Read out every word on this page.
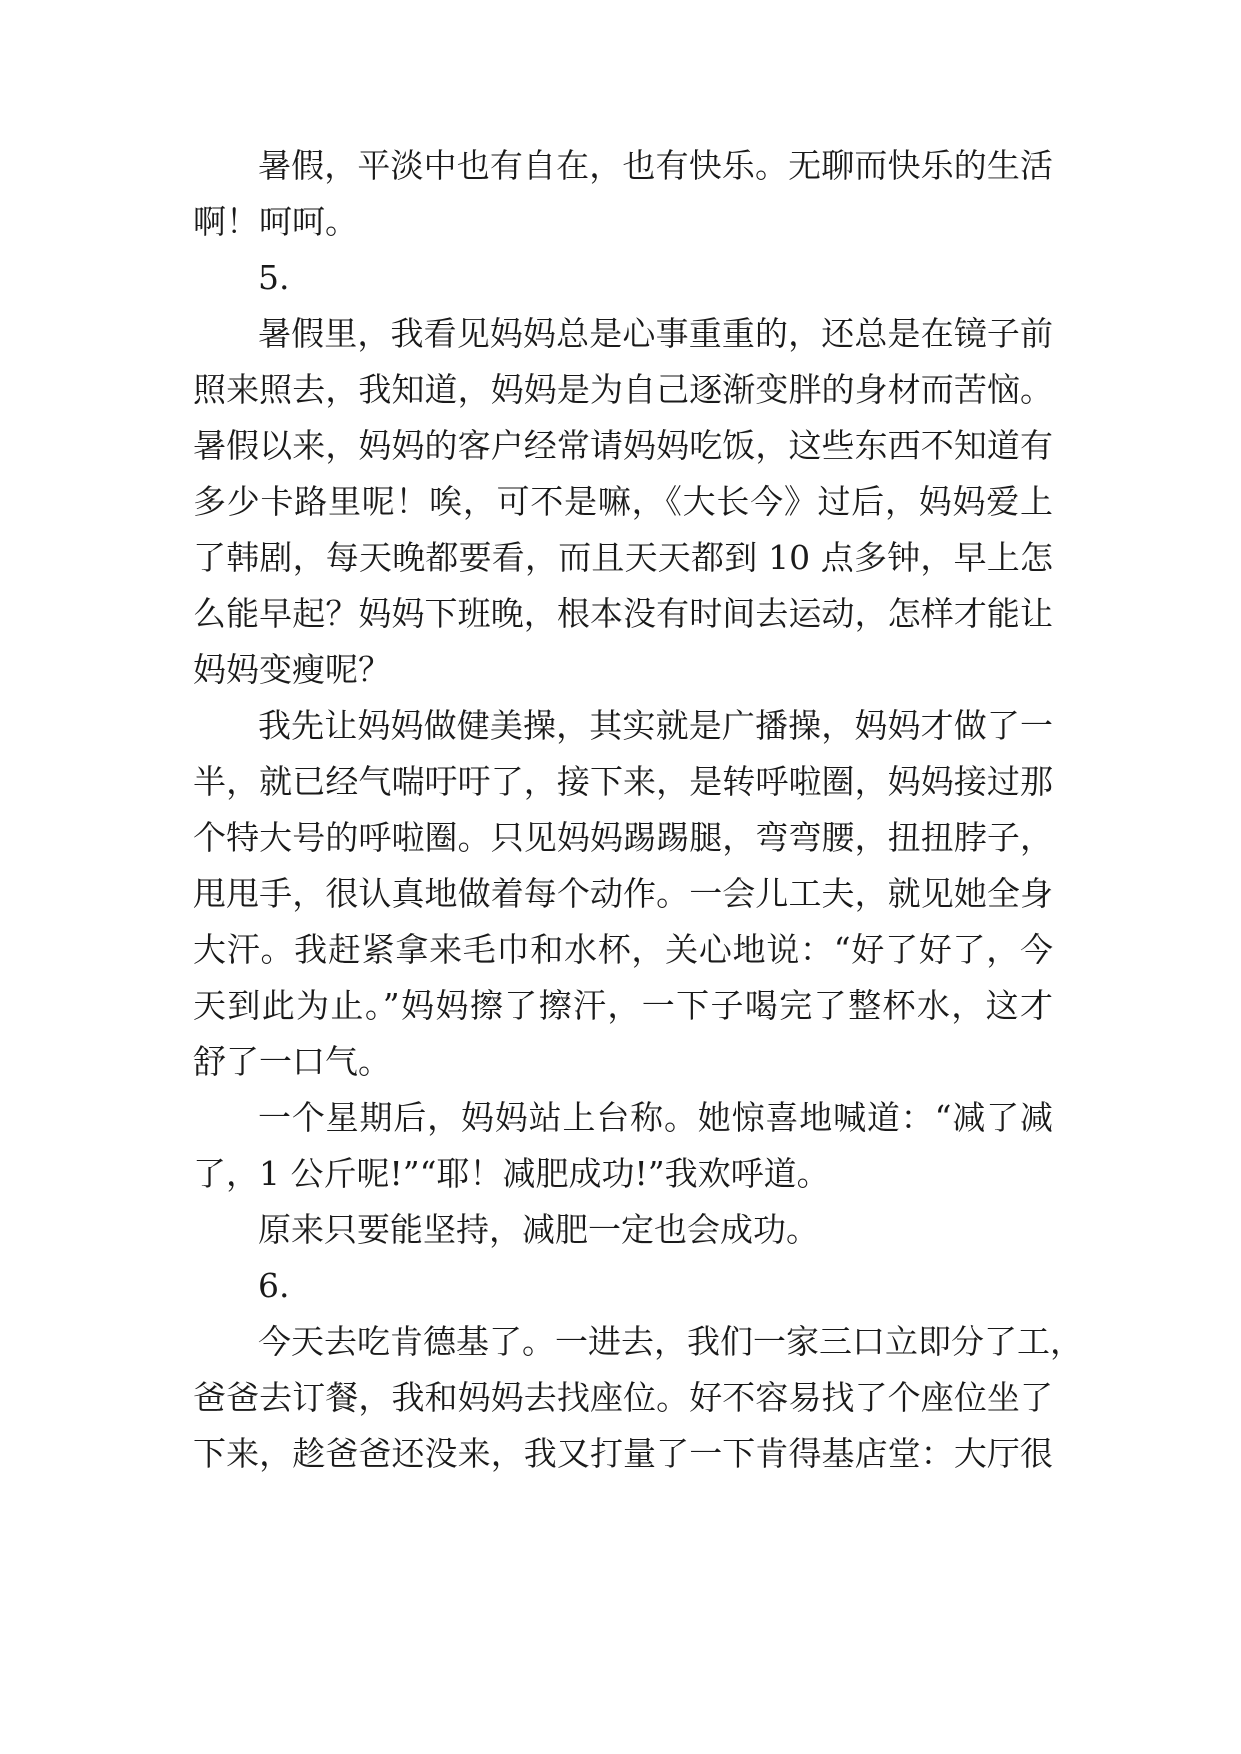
暑假，平淡中也有自在，也有快乐。无聊而快乐的生活
啊！呵呵。
5.
暑假里，我看见妈妈总是心事重重的，还总是在镜子前
照来照去，我知道，妈妈是为自己逐渐变胖的身材而苦恼。
暑假以来，妈妈的客户经常请妈妈吃饭，这些东西不知道有
多少卡路里呢！唉，可不是嘛，《大长今》过后，妈妈爱上
了韩剧，每天晚都要看，而且天天都到 10 点多钟，早上怎
么能早起？妈妈下班晚，根本没有时间去运动，怎样才能让
妈妈变瘦呢？
我先让妈妈做健美操，其实就是广播操，妈妈才做了一
半，就已经气喘吁吁了，接下来，是转呼啦圈，妈妈接过那
个特大号的呼啦圈。只见妈妈踢踢腿，弯弯腰，扭扭脖子，
甩甩手，很认真地做着每个动作。一会儿工夫，就见她全身
大汗。我赶紧拿来毛巾和水杯，关心地说：“好了好了，今
天到此为止。”妈妈擦了擦汗，一下子喝完了整杯水，这才
舒了一口气。
一个星期后，妈妈站上台称。她惊喜地喊道：“减了减
了，1 公斤呢!”“耶！减肥成功!”我欢呼道。
原来只要能坚持，减肥一定也会成功。
6.
今天去吃肯德基了。一进去，我们一家三口立即分了工，
爸爸去订餐，我和妈妈去找座位。好不容易找了个座位坐了
下来，趁爸爸还没来，我又打量了一下肯得基店堂：大厅很
